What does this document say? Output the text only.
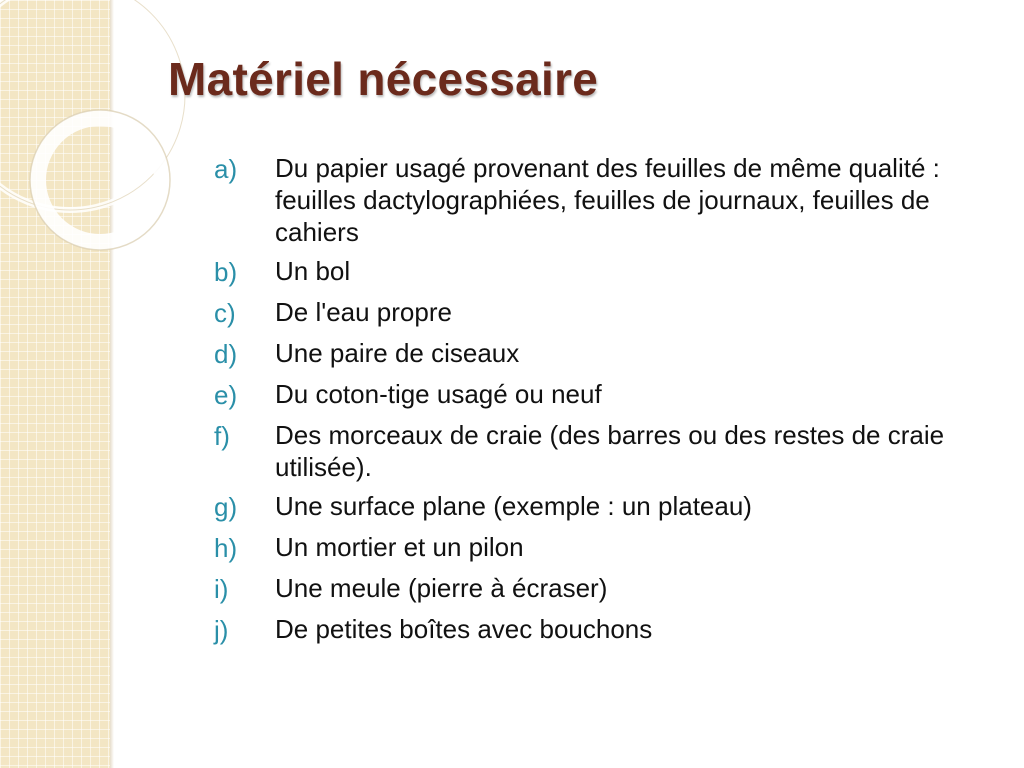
Matériel nécessaire
a)	Du papier usagé provenant des feuilles de même qualité : feuilles dactylographiées, feuilles de journaux, feuilles de cahiers
b)	Un bol
c)	De l'eau propre
d)	Une paire de ciseaux
e)	Du coton-tige usagé ou neuf
f)	Des morceaux de craie (des barres ou des restes de craie utilisée).
g)	Une surface plane (exemple : un plateau)
h)	Un mortier et un pilon
i)	Une meule (pierre à écraser)
j)	De petites boîtes avec bouchons
